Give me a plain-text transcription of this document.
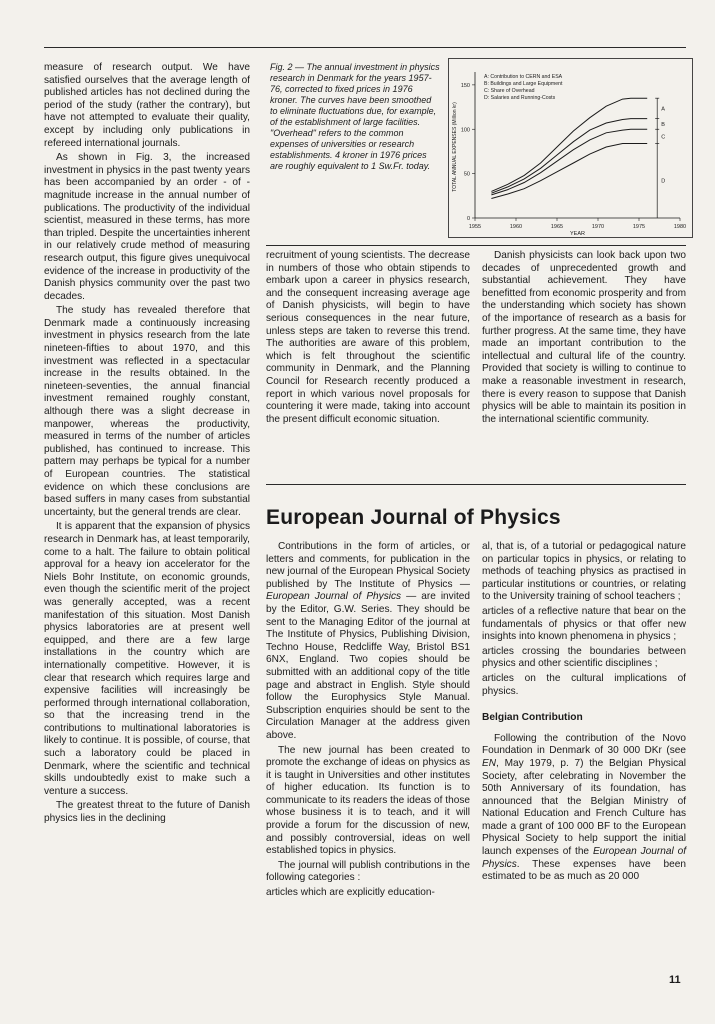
measure of research output. We have satisfied ourselves that the average length of published articles has not declined during the period of the study (rather the contrary), but have not attempted to evaluate their quality, except by including only publications in refereed international journals.

As shown in Fig. 3, the increased investment in physics in the past twenty years has been accompanied by an order - of - magnitude increase in the annual number of publications. The productivity of the individual scientist, measured in these terms, has more than tripled. Despite the uncertainties inherent in our relatively crude method of measuring research output, this figure gives unequivocal evidence of the increase in productivity of the Danish physics community over the past two decades.

The study has revealed therefore that Denmark made a continuously increasing investment in physics research from the late nineteen-fifties to about 1970, and this investment was reflected in a spectacular increase in the results obtained. In the nineteen-seventies, the annual financial investment remained roughly constant, although there was a slight decrease in manpower, whereas the productivity, measured in terms of the number of articles published, has continued to increase. This pattern may perhaps be typical for a number of European countries. The statistical evidence on which these conclusions are based suffers in many cases from substantial uncertainty, but the general trends are clear.

It is apparent that the expansion of physics research in Denmark has, at least temporarily, come to a halt. The failure to obtain political approval for a heavy ion accelerator for the Niels Bohr Institute, on economic grounds, even though the scientific merit of the project was generally accepted, was a recent manifestation of this situation. Most Danish physics laboratories are at present well equipped, and there are a few large installations in the country which are internationally competitive. However, it is clear that research which requires large and expensive facilities will increasingly be performed through international collaboration, so that the increasing trend in the contributions to multinational laboratories is likely to continue. It is possible, of course, that such a laboratory could be placed in Denmark, where the scientific and technical skills undoubtedly exist to make such a venture a success.

The greatest threat to the future of Danish physics lies in the declining

Fig. 2 — The annual investment in physics research in Denmark for the years 1957-76, corrected to fixed prices in 1976 kroner. The curves have been smoothed to eliminate fluctuations due, for example, of the establishment of large facilities. "Overhead" refers to the common expenses of universities or research establishments. 4 kroner in 1976 prices are roughly equivalent to 1 Sw.Fr. today.
1955	1960	1965	1970	1975	1980
0
50
100
150
A
B
C
D
A: Contribution to CERN and ESA
B: Buildings and Large Equipment
C: Share of Overhead
D: Salaries and Running-Costs
YEAR
TOTAL ANNUAL EXPENSES (Million kr)

recruitment of young scientists. The decrease in numbers of those who obtain stipends to embark upon a career in physics research, and the consequent increasing average age of Danish physicists, will begin to have serious consequences in the near future, unless steps are taken to reverse this trend. The authorities are aware of this problem, which is felt throughout the scientific community in Denmark, and the Planning Council for Research recently produced a report in which various novel proposals for countering it were made, taking into account the present difficult economic situation.

Danish physicists can look back upon two decades of unprecedented growth and substantial achievement. They have benefitted from economic prosperity and from the understanding which society has shown of the importance of research as a basis for further progress. At the same time, they have made an important contribution to the intellectual and cultural life of the country. Provided that society is willing to continue to make a reasonable investment in research, there is every reason to suppose that Danish physics will be able to maintain its position in the international scientific community.

European Journal of Physics

Contributions in the form of articles, or letters and comments, for publication in the new journal of the European Physical Society published by The Institute of Physics — European Journal of Physics — are invited by the Editor, G.W. Series. They should be sent to the Managing Editor of the journal at The Institute of Physics, Publishing Division, Techno House, Redcliffe Way, Bristol BS1 6NX, England. Two copies should be submitted with an additional copy of the title page and abstract in English. Style should follow the Europhysics Style Manual. Subscription enquiries should be sent to the Circulation Manager at the address given above.

The new journal has been created to promote the exchange of ideas on physics as it is taught in Universities and other institutes of higher education. Its function is to communicate to its readers the ideas of those whose business it is to teach, and it will provide a forum for the discussion of new, and possibly controversial, ideas on well established topics in physics.

The journal will publish contributions in the following categories :

articles which are explicitly education-

al, that is, of a tutorial or pedagogical nature on particular topics in physics, or relating to methods of teaching physics as practised in particular institutions or countries, or relating to the University training of school teachers ;

articles of a reflective nature that bear on the fundamentals of physics or that offer new insights into known phenomena in physics ;

articles crossing the boundaries between physics and other scientific disciplines ;

articles on the cultural implications of physics.

Belgian Contribution

Following the contribution of the Novo Foundation in Denmark of 30 000 DKr (see EN, May 1979, p. 7) the Belgian Physical Society, after celebrating in November the 50th Anniversary of its foundation, has announced that the Belgian Ministry of National Education and French Culture has made a grant of 100 000 BF to the European Physical Society to help support the initial launch expenses of the European Journal of Physics. These expenses have been estimated to be as much as 20 000

11
